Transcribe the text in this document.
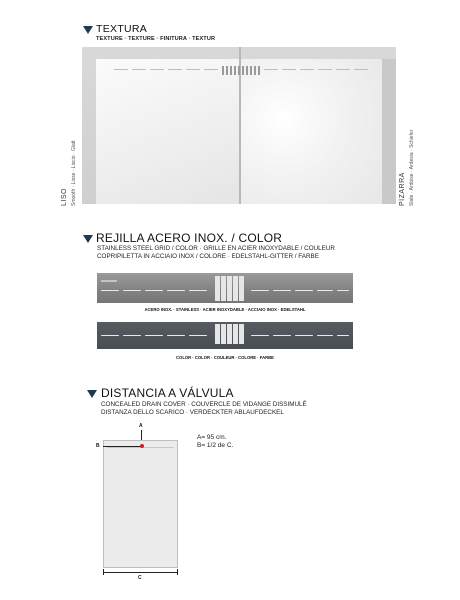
TEXTURA
TEXTURE · TEXTURE · FINITURA · TEXTUR
LISO Smooth · Lisse · Liscio · Glatt	PIZARRA Slate · Ardoise · Ardesia · Schiefer
REJILLA ACERO INOX. / COLOR
STAINLESS STEEL GRID / COLOR · GRILLE EN ACIER INOXYDABLE / COULEUR
COPRIPILETTA IN ACCIAIO INOX / COLORE · EDELSTAHL-GITTER / FARBE
ACERO INOX. · STAINLESS · ACIER INOXYDABLE · ACCIAIO INOX · EDELSTAHL
COLOR · COLOR · COULEUR · COLORE · FARBE
DISTANCIA A VÁLVULA
CONCEALED DRAIN COVER · COUVERCLE DE VIDANGE DISSIMULÉ
DISTANZA DELLO SCARICO · VERDECKTER ABLAUFDECKEL
A
B
C
A= 95 cm.
B= 1/2 de C.
